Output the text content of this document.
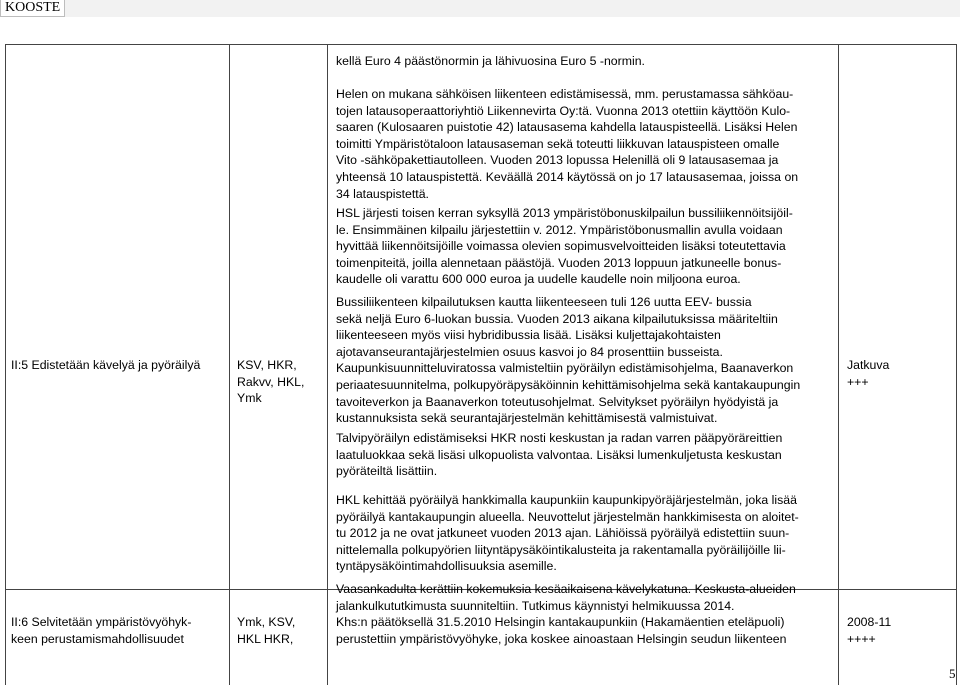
KOOSTE
kellä Euro 4 päästönormin ja lähivuosina Euro 5 -normin.
Helen on mukana sähköisen liikenteen edistämisessä, mm. perustamassa sähköau-
tojen latausoperaattoriyhtiö Liikennevirta Oy:tä. Vuonna 2013 otettiin käyttöön Kulo-
saaren (Kulosaaren puistotie 42) latausasema kahdella latauspisteellä. Lisäksi Helen
toimitti Ympäristötaloon latausaseman sekä toteutti liikkuvan latauspisteen omalle
Vito -sähköpakettiautolleen. Vuoden 2013 lopussa Helenillä oli 9 latausasemaa ja
yhteensä 10 latauspistettä. Keväällä 2014 käytössä on jo 17 latausasemaa, joissa on
34 latauspistettä.
HSL järjesti toisen kerran syksyllä 2013 ympäristöbonuskilpailun bussiliikennöitsijöil-
le. Ensimmäinen kilpailu järjestettiin v. 2012. Ympäristöbonusmallin avulla voidaan
hyvittää liikennöitsijöille voimassa olevien sopimusvelvoitteiden lisäksi toteutettavia
toimenpiteitä, joilla alennetaan päästöjä. Vuoden 2013 loppuun jatkuneelle bonus-
kaudelle oli varattu 600 000 euroa ja uudelle kaudelle noin miljoona euroa.
Bussiliikenteen kilpailutuksen kautta liikenteeseen tuli 126 uutta EEV- bussia
sekä neljä Euro 6-luokan bussia. Vuoden 2013 aikana kilpailutuksissa määriteltiin
liikenteeseen myös viisi hybridibussia lisää. Lisäksi kuljettajakohtaisten
ajotavanseurantajärjestelmien osuus kasvoi jo 84 prosenttiin busseista.
Kaupunkisuunnitteluviratossa valmisteltiin pyöräilyn edistämisohjelma, Baanaverkon
periaatesuunnitelma, polkupyöräpysäköinnin kehittämisohjelma sekä kantakaupungin
tavoiteverkon ja Baanaverkon toteutusohjelmat. Selvitykset pyöräilyn hyödyistä ja
kustannuksista sekä seurantajärjestelmän kehittämisestä valmistuivat.
Talvipyöräilyn edistämiseksi HKR nosti keskustan ja radan varren pääpyöräreittien
laatuluokkaa sekä lisäsi ulkopuolista valvontaa. Lisäksi lumenkuljetusta keskustan
pyöräteiltä lisättiin.
HKL kehittää pyöräilyä hankkimalla kaupunkiin kaupunkipyöräjärjestelmän, joka lisää
pyöräilyä kantakaupungin alueella. Neuvottelut järjestelmän hankkimisesta on aloitet-
tu 2012 ja ne ovat jatkuneet vuoden 2013 ajan. Lähiöissä pyöräilyä edistettiin suun-
nittelemalla polkupyörien liityntäpysäköintikalusteita ja rakentamalla pyöräilijöille lii-
tyntäpysäköintimahdollisuuksia asemille.
Vaasankadulta kerättiin kokemuksia kesäaikaisena kävelykatuna. Keskusta-alueiden
jalankulkututkimusta suunniteltiin. Tutkimus käynnistyi helmikuussa 2014.
Khs:n päätöksellä 31.5.2010 Helsingin kantakaupunkiin (Hakamäentien eteläpuoli)
perustettiin ympäristövyöhyke, joka koskee ainoastaan Helsingin seudun liikenteen
II:5 Edistetään kävelyä ja pyöräilyä	KSV, HKR,
Rakvv, HKL,
Ymk
Jatkuva
+++
II:6 Selvitetään ympäristövyöhyk-
keen perustamismahdollisuudet
Ymk, KSV,
HKL HKR,
2008-11
++++
5
